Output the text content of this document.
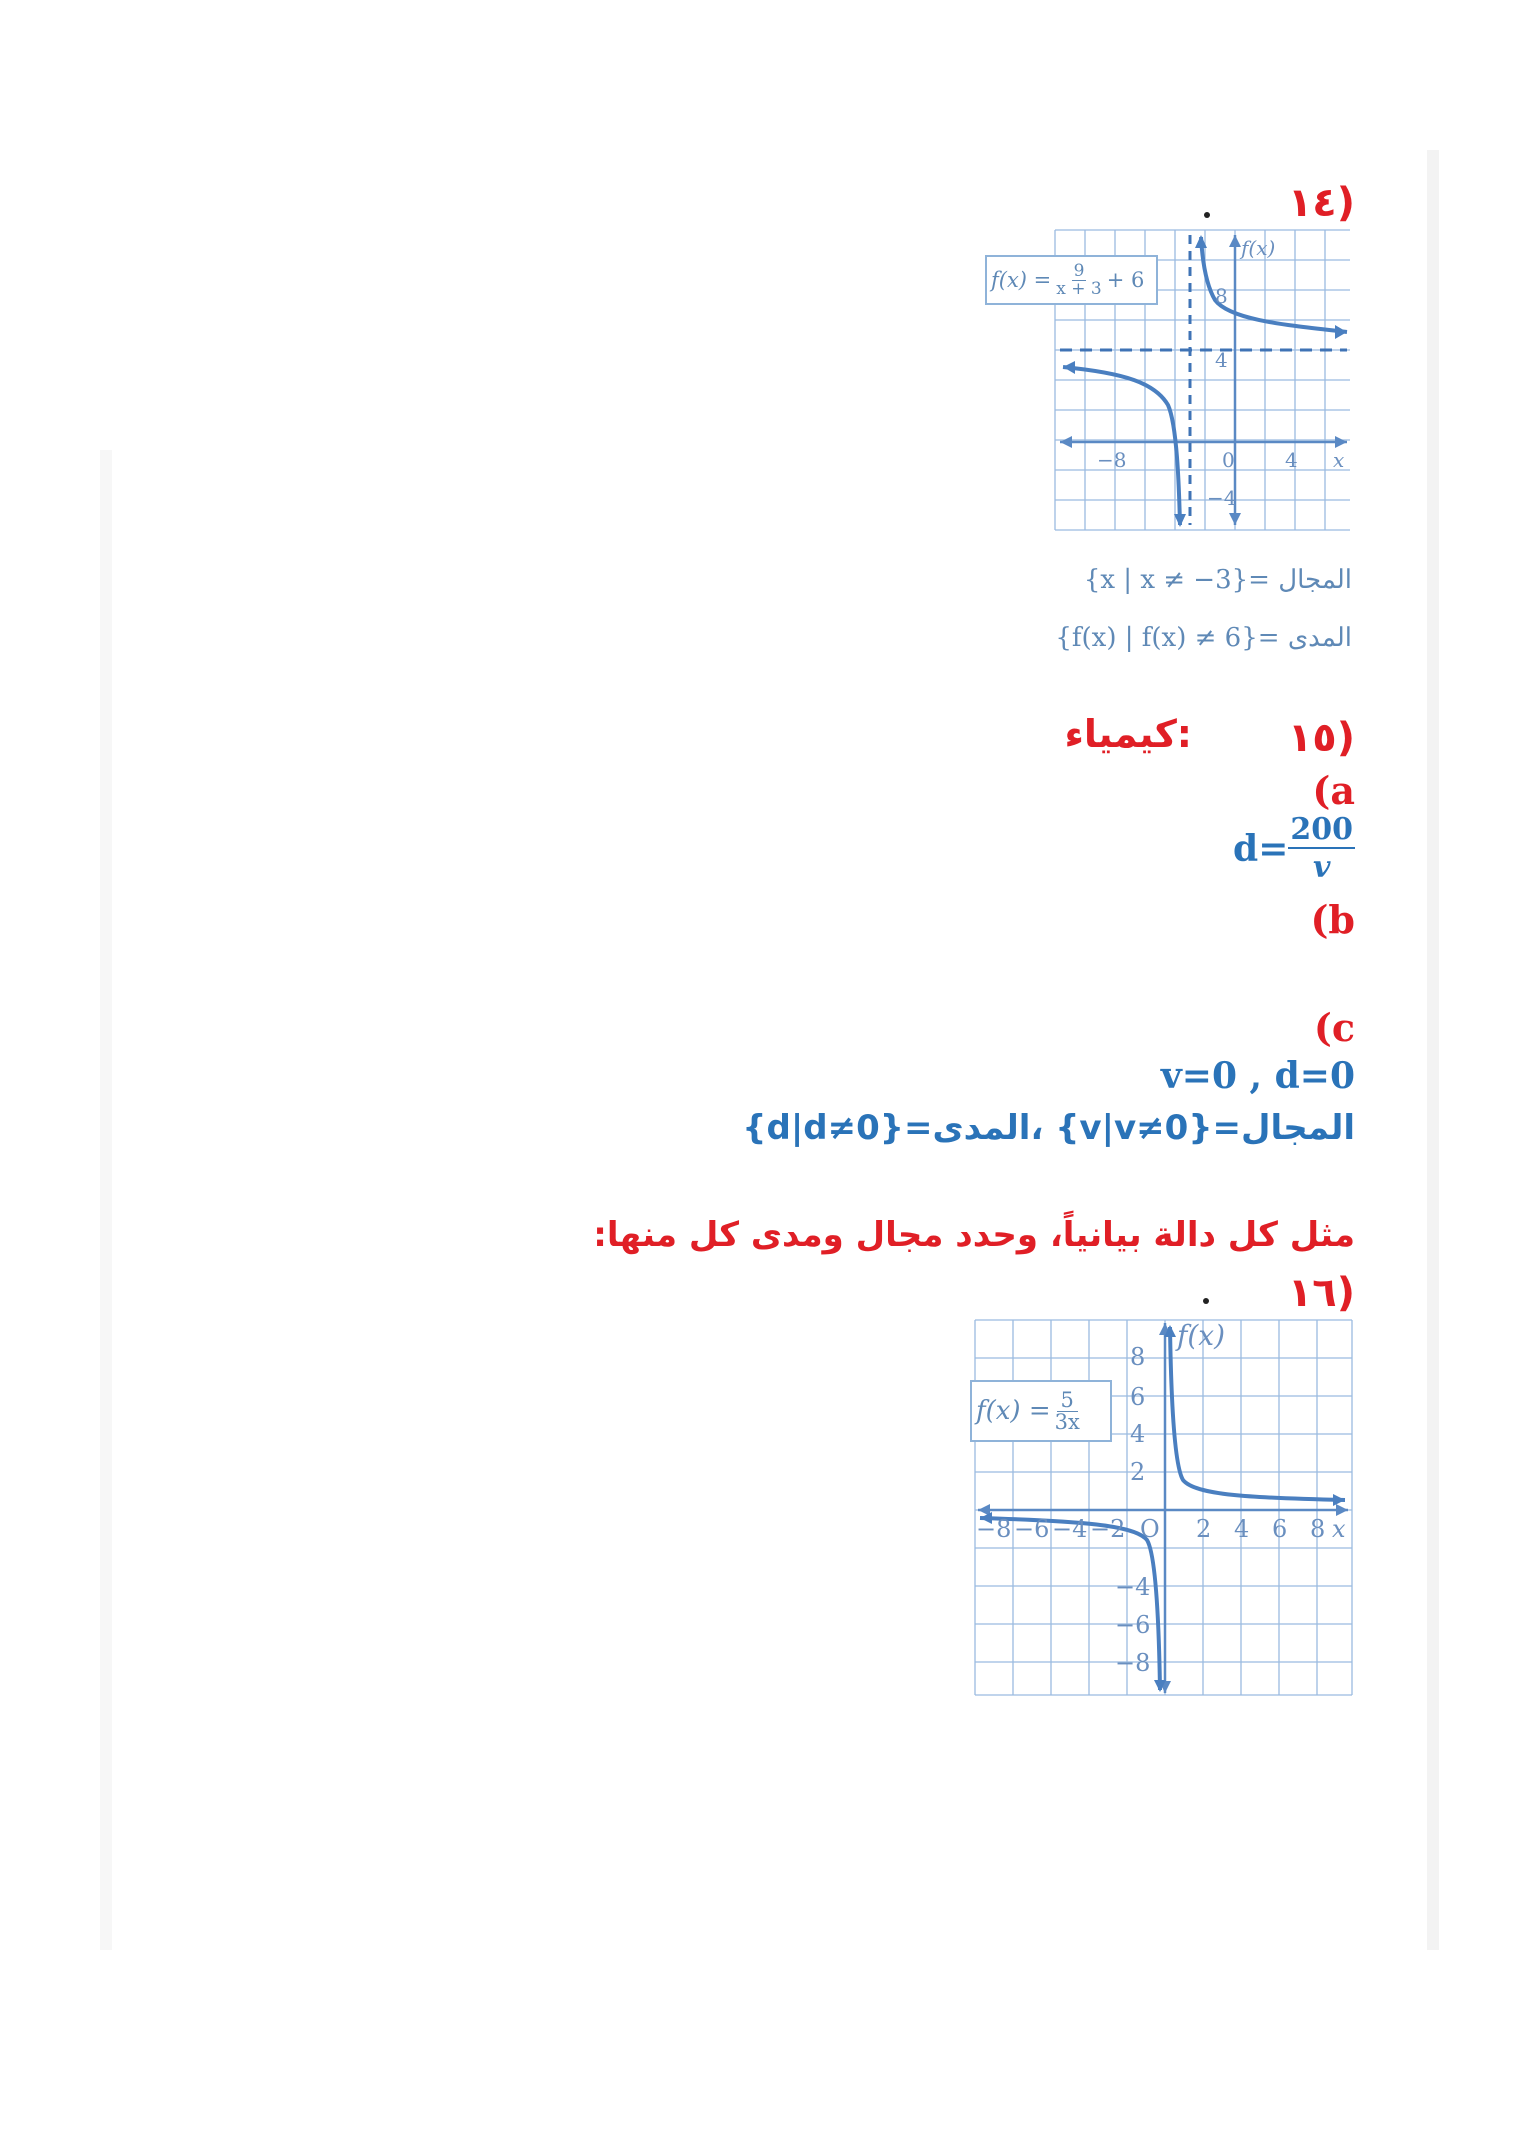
(١٤
8
4
−4
−8	0	4 x
f(x)
$f(x) = \frac{9}{x + 3} + 6$
{x | x ≠ −3}= المجال
{f(x) | f(x) ≠ 6}= المدى
(١٥
كيمياء:
(a
$d= \frac{200}{v}$
(b
(c
v=0 , d=0
المجال={v|v≠0} ،المدى={d|d≠0}
مثل كل دالة بيانياً، وحدد مجال ومدى كل منها:
(١٦
8
6
4
2
−4
−6
−8
−8 −6 −4 −2 O 2 4 6 8 x
f(x)
$f(x) = \frac{5}{3x}$
